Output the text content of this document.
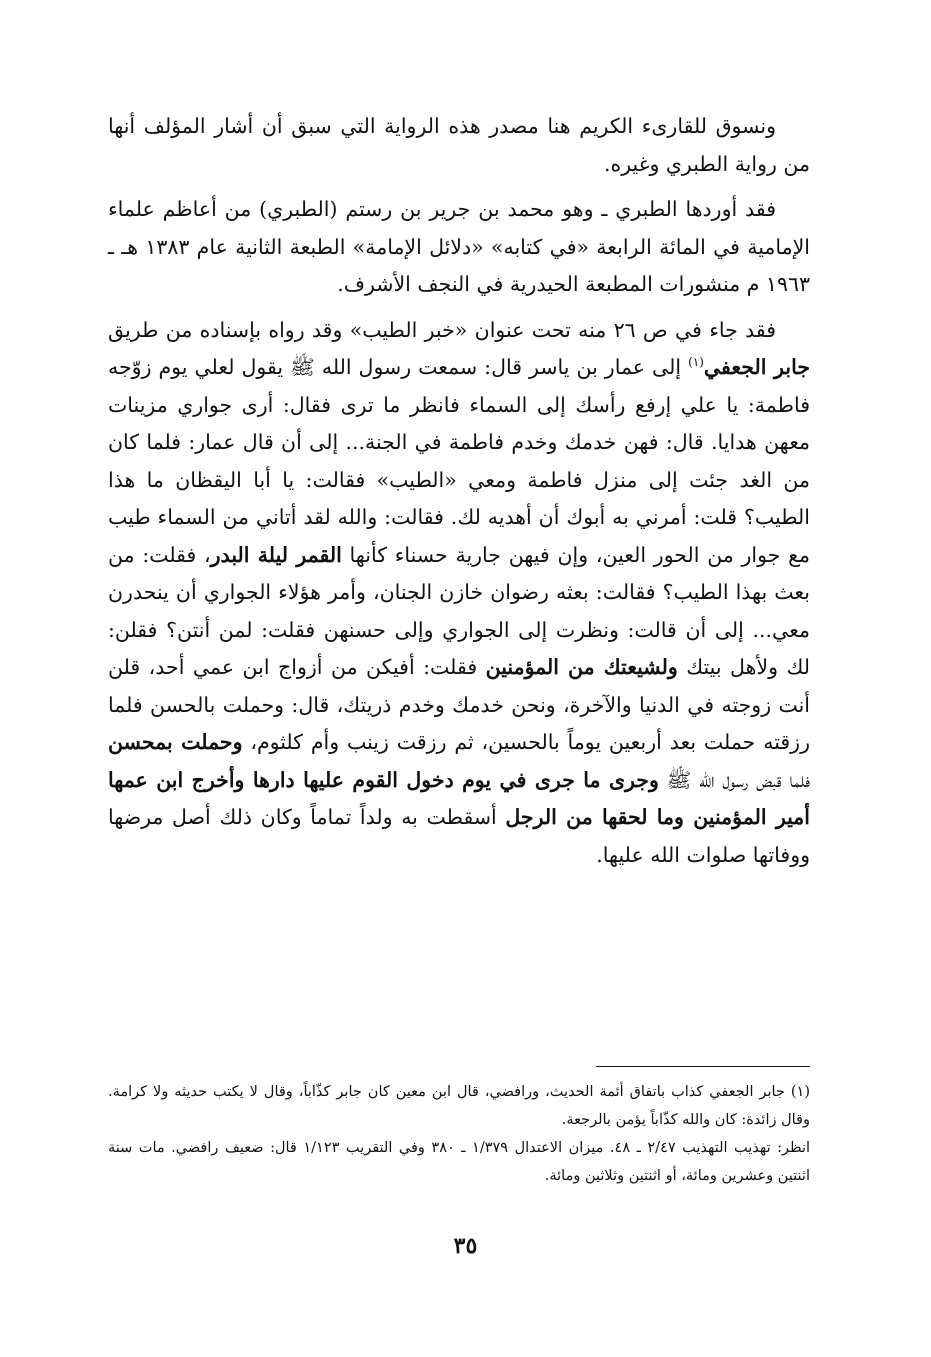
ونسوق للقارىء الكريم هنا مصدر هذه الرواية التي سبق أن أشار المؤلف أنها من رواية الطبري وغيره.

فقد أوردها الطبري ـ وهو محمد بن جرير بن رستم (الطبري) من أعاظم علماء الإمامية في المائة الرابعة «في كتابه» «دلائل الإمامة» الطبعة الثانية عام ١٣٨٣ هـ ـ ١٩٦٣ م منشورات المطبعة الحيدرية في النجف الأشرف.

فقد جاء في ص ٢٦ منه تحت عنوان «خبر الطيب» وقد رواه بإسناده من طريق جابر الجعفي$^{(١)}$ إلى عمار بن ياسر قال: سمعت رسول الله ﷺ يقول لعلي يوم زوّجه فاطمة: يا علي إرفع رأسك إلى السماء فانظر ما ترى فقال: أرى جواري مزينات معهن هدايا. قال: فهن خدمك وخدم فاطمة في الجنة... إلى أن قال عمار: فلما كان من الغد جئت إلى منزل فاطمة ومعي «الطيب» فقالت: يا أبا اليقظان ما هذا الطيب؟ قلت: أمرني به أبوك أن أهديه لك. فقالت: والله لقد أتاني من السماء طيب مع جوار من الحور العين، وإن فيهن جارية حسناء كأنها القمر ليلة البدر، فقلت: من بعث بهذا الطيب؟ فقالت: بعثه رضوان خازن الجنان، وأمر هؤلاء الجواري أن ينحدرن معي... إلى أن قالت: ونظرت إلى الجواري وإلى حسنهن فقلت: لمن أنتن؟ فقلن: لك ولأهل بيتك ولشيعتك من المؤمنين فقلت: أفيكن من أزواج ابن عمي أحد، قلن أنت زوجته في الدنيا والآخرة، ونحن خدمك وخدم ذريتك، قال: وحملت بالحسن فلما رزقته حملت بعد أربعين يوماً بالحسين، ثم رزقت زينب وأم كلثوم، وحملت بمحسن فلما قبض رسول الله ﷺ وجرى ما جرى في يوم دخول القوم عليها دارها وأخرج ابن عمها أمير المؤمنين وما لحقها من الرجل أسقطت به ولداً تماماً وكان ذلك أصل مرضها ووفاتها صلوات الله عليها.

(١) جابر الجعفي كذاب باتفاق أئمة الحديث، ورافضي، قال ابن معين كان جابر كذّاباً، وقال لا يكتب حديثه ولا كرامة. وقال زائدة: كان والله كذّاباً يؤمن بالرجعة.

انظر: تهذيب التهذيب ٢/٤٧ ـ ٤٨. ميزان الاعتدال ١/٣٧٩ ـ ٣٨٠ وفي التقريب ١/١٢٣ قال: ضعيف رافضي. مات سنة اثنتين وعشرين ومائة، أو اثنتين وثلاثين ومائة.

٣٥
